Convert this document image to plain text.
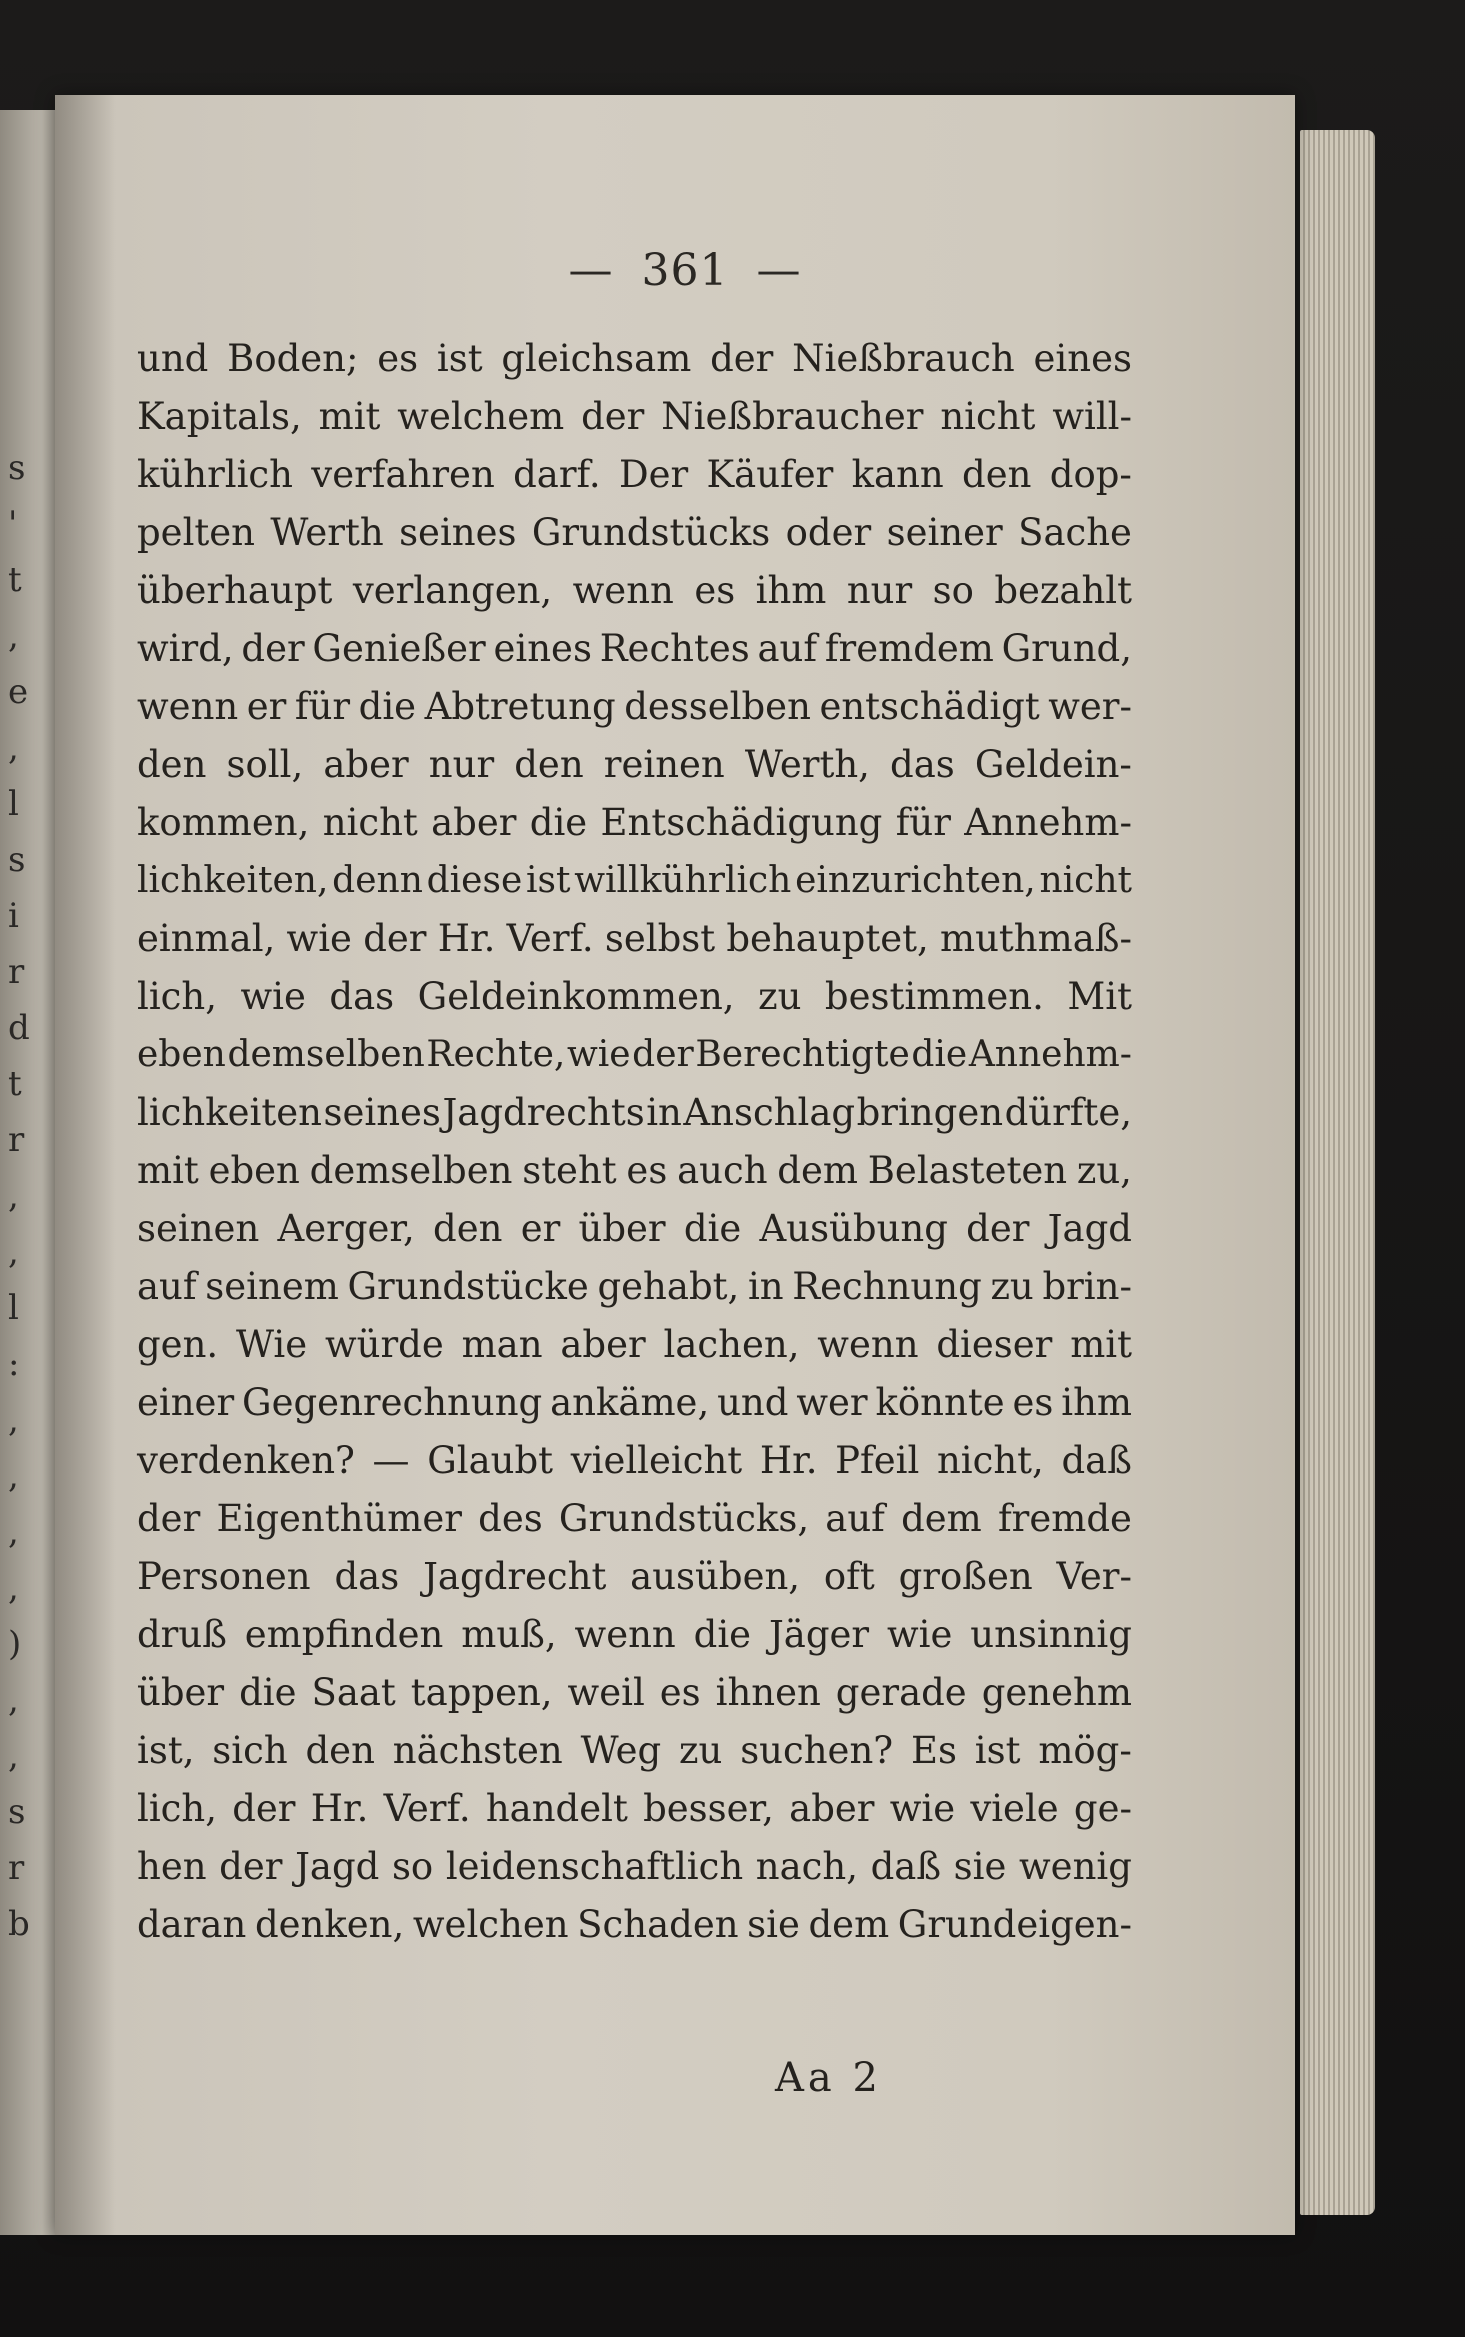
s
'
t
,
e
,
l
s
i
r
d
t
r
,
,
l
:
,
,
,
,
)
,
,
s
r
b
— 361 —
und Boden; es ist gleichsam der Nießbrauch eines
Kapitals, mit welchem der Nießbraucher nicht will-
kührlich verfahren darf. Der Käufer kann den dop-
pelten Werth seines Grundstücks oder seiner Sache
überhaupt verlangen, wenn es ihm nur so bezahlt
wird, der Genießer eines Rechtes auf fremdem Grund,
wenn er für die Abtretung desselben entschädigt wer-
den soll, aber nur den reinen Werth, das Geldein-
kommen, nicht aber die Entschädigung für Annehm-
lichkeiten, denn diese ist willkührlich einzurichten, nicht
einmal, wie der Hr. Verf. selbst behauptet, muthmaß-
lich, wie das Geldeinkommen, zu bestimmen. Mit
eben demselben Rechte, wie der Berechtigte die Annehm-
lichkeiten seines Jagdrechts in Anschlag bringen dürfte,
mit eben demselben steht es auch dem Belasteten zu,
seinen Aerger, den er über die Ausübung der Jagd
auf seinem Grundstücke gehabt, in Rechnung zu brin-
gen. Wie würde man aber lachen, wenn dieser mit
einer Gegenrechnung ankäme, und wer könnte es ihm
verdenken? — Glaubt vielleicht Hr. Pfeil nicht, daß
der Eigenthümer des Grundstücks, auf dem fremde
Personen das Jagdrecht ausüben, oft großen Ver-
druß empfinden muß, wenn die Jäger wie unsinnig
über die Saat tappen, weil es ihnen gerade genehm
ist, sich den nächsten Weg zu suchen? Es ist mög-
lich, der Hr. Verf. handelt besser, aber wie viele ge-
hen der Jagd so leidenschaftlich nach, daß sie wenig
daran denken, welchen Schaden sie dem Grundeigen-
Aa 2
